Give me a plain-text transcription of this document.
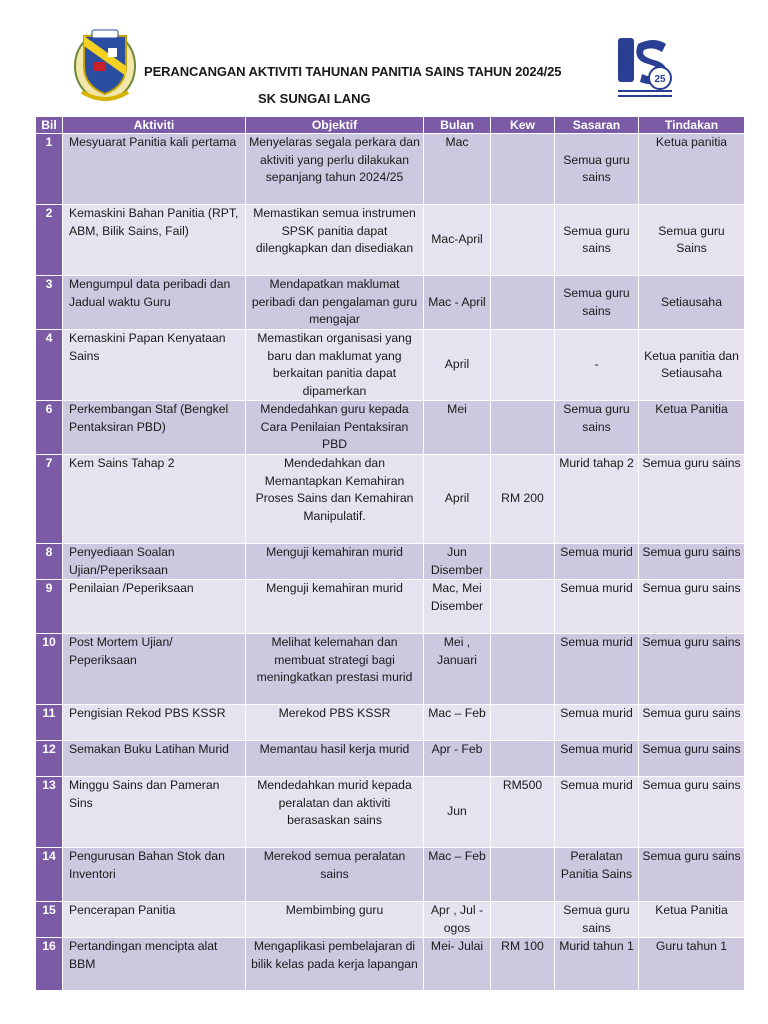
PERANCANGAN AKTIVITI TAHUNAN PANITIA SAINS TAHUN 2024/25
SK SUNGAI LANG
25
Bil	Aktiviti	Objektif	Bulan	Kew	Sasaran	Tindakan
1	Mesyuarat Panitia kali pertama	Menyelaras segala perkara dan aktiviti yang perlu dilakukan sepanjang tahun 2024/25	Mac		Semua guru sains	Ketua panitia
2	Kemaskini Bahan Panitia (RPT, ABM, Bilik Sains, Fail)	Memastikan semua instrumen SPSK panitia dapat dilengkapkan dan disediakan	Mac-April		Semua guru sains	Semua guru Sains
3	Mengumpul data peribadi dan Jadual waktu Guru	Mendapatkan maklumat peribadi dan pengalaman guru mengajar	Mac - April		Semua guru sains	Setiausaha
4	Kemaskini Papan Kenyataan Sains	Memastikan organisasi yang baru dan maklumat yang berkaitan panitia dapat dipamerkan	April		-	Ketua panitia dan Setiausaha
6	Perkembangan Staf (Bengkel Pentaksiran PBD)	Mendedahkan guru kepada Cara Penilaian Pentaksiran PBD	Mei		Semua guru sains	Ketua Panitia
7	Kem Sains Tahap 2	Mendedahkan dan Memantapkan Kemahiran Proses Sains dan Kemahiran Manipulatif.	April	RM 200	Murid tahap 2	Semua guru sains
8	Penyediaan Soalan Ujian/Peperiksaan	Menguji kemahiran murid	Jun Disember		Semua murid	Semua guru sains
9	Penilaian /Peperiksaan	Menguji kemahiran murid	Mac, Mei Disember		Semua murid	Semua guru sains
10	Post Mortem Ujian/ Peperiksaan	Melihat kelemahan dan membuat strategi bagi meningkatkan prestasi murid	Mei , Januari		Semua murid	Semua guru sains
11	Pengisian Rekod PBS KSSR	Merekod PBS KSSR	Mac – Feb		Semua murid	Semua guru sains
12	Semakan Buku Latihan Murid	Memantau hasil kerja murid	Apr - Feb		Semua murid	Semua guru sains
13	Minggu Sains dan Pameran Sins	Mendedahkan murid kepada peralatan dan aktiviti berasaskan sains	Jun	RM500	Semua murid	Semua guru sains
14	Pengurusan Bahan Stok dan Inventori	Merekod semua peralatan sains	Mac – Feb		Peralatan Panitia Sains	Semua guru sains
15	Pencerapan Panitia	Membimbing guru	Apr , Jul - ogos		Semua guru sains	Ketua Panitia
16	Pertandingan mencipta alat BBM	Mengaplikasi pembelajaran di bilik kelas pada kerja lapangan	Mei- Julai	RM 100	Murid tahun 1	Guru tahun 1
